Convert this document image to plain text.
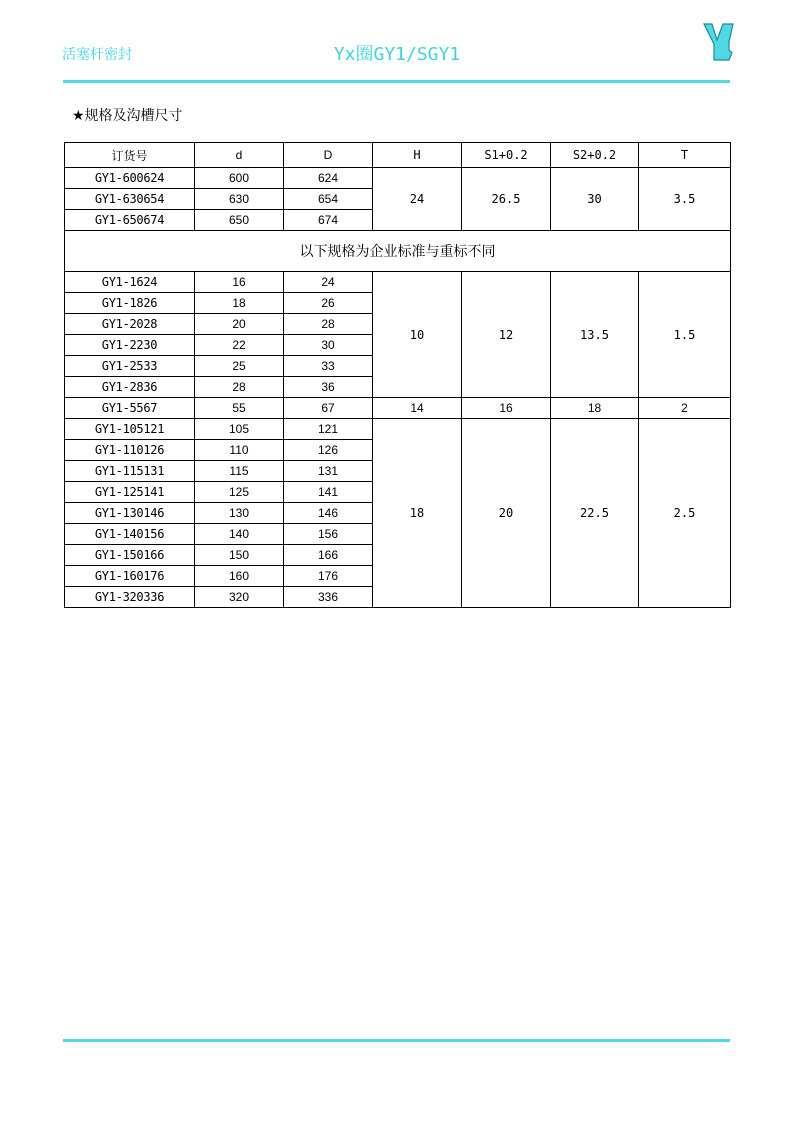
活塞杆密封	Yx圈GY1/SGY1
★规格及沟槽尺寸
订货号	d	D	H	S1+0.2	S2+0.2	T
GY1-600624	600	624	24	26.5	30	3.5
GY1-630654	630	654				
GY1-650674	650	674				
以下规格为企业标准与重标不同						
GY1-1624	16	24	10	12	13.5	1.5
GY1-1826	18	26				
GY1-2028	20	28				
GY1-2230	22	30				
GY1-2533	25	33				
GY1-2836	28	36				
GY1-5567	55	67	14	16	18	2
GY1-105121	105	121	18	20	22.5	2.5
GY1-110126	110	126				
GY1-115131	115	131				
GY1-125141	125	141				
GY1-130146	130	146				
GY1-140156	140	156				
GY1-150166	150	166				
GY1-160176	160	176				
GY1-320336	320	336				
